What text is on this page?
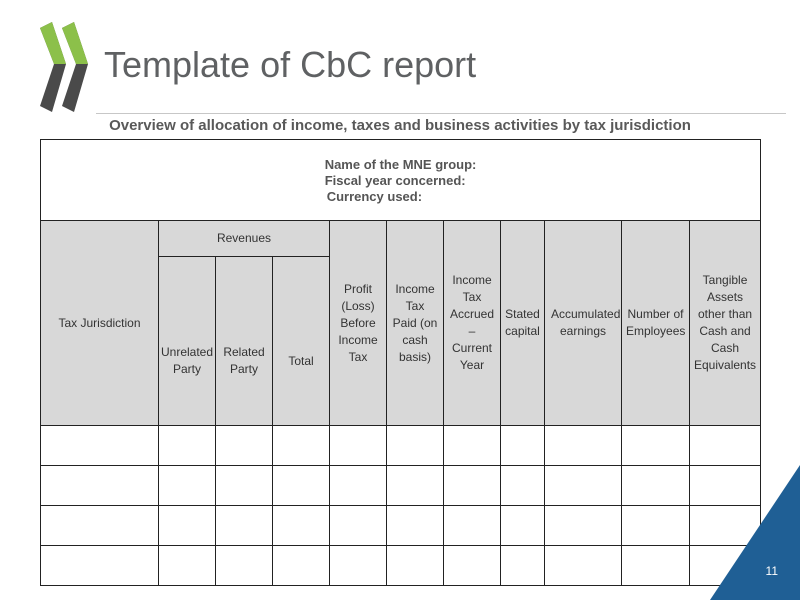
Template of CbC report
Overview of allocation of income, taxes and business activities by tax jurisdiction
Name of the MNE group:
Fiscal year concerned:
Currency used:										

Tax Jurisdiction	Revenues			Profit (Loss) Before Income Tax	Income Tax Paid (on cash basis)	Income Tax Accrued – Current Year	Stated capital	Accumulated earnings	Number of Employees	Tangible Assets other than Cash and Cash Equivalents
	Unrelated Party	Related Party	Total							

11
